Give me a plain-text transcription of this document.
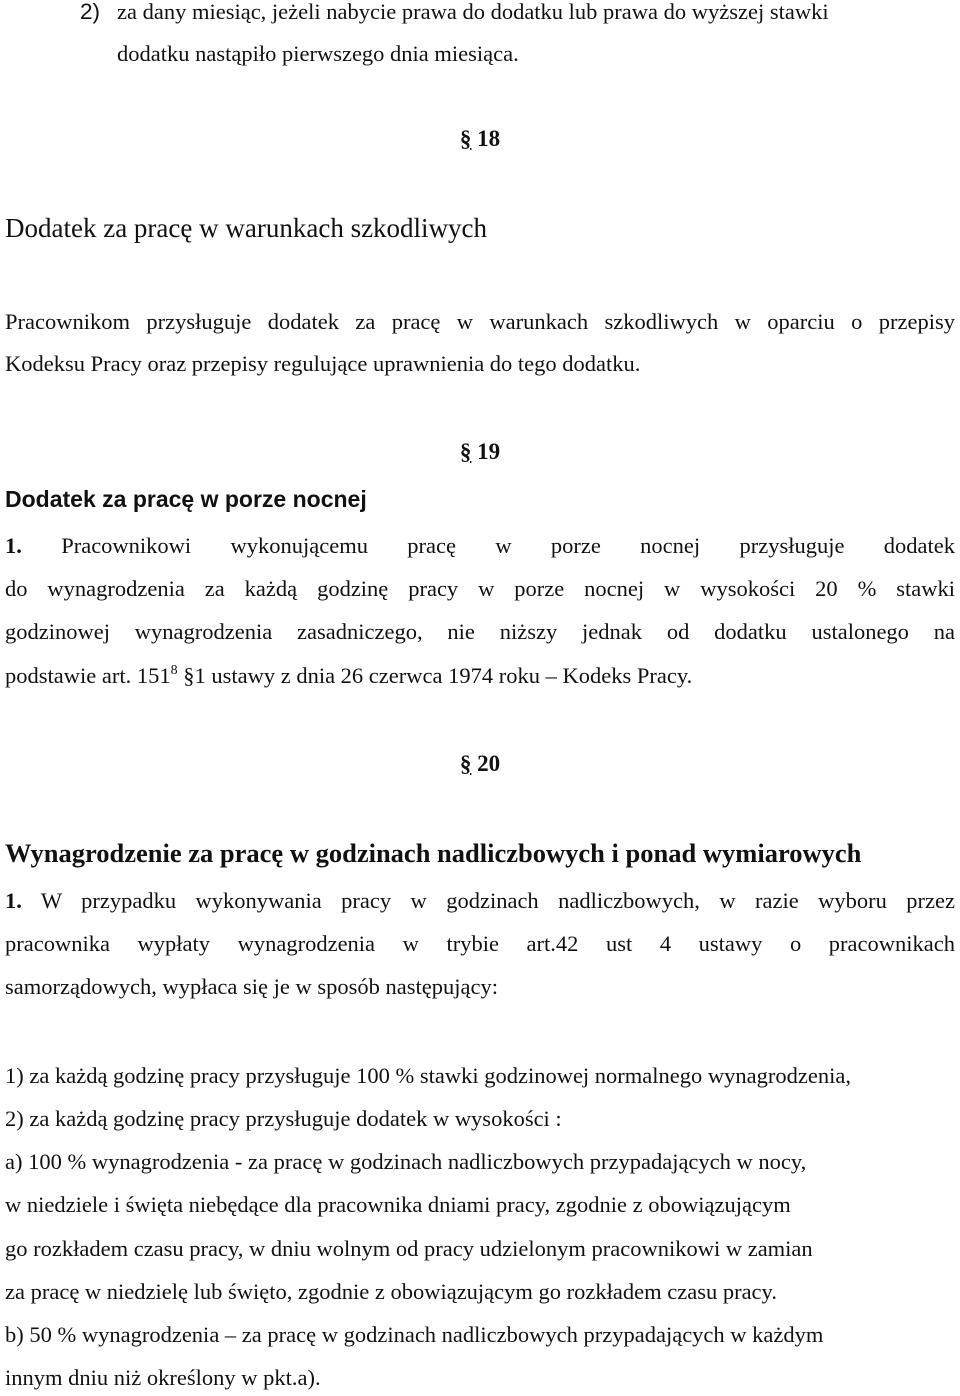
2) za dany miesiąc, jeżeli nabycie prawa do dodatku lub prawa do wyższej stawki
dodatku nastąpiło pierwszego dnia miesiąca.
§ 18
Dodatek za pracę w warunkach szkodliwych
Pracownikom przysługuje dodatek za pracę w warunkach szkodliwych w oparciu o przepisy
Kodeksu Pracy oraz przepisy regulujące uprawnienia do tego dodatku.
§ 19
Dodatek za pracę w porze nocnej
1. Pracownikowi wykonującemu pracę w porze nocnej przysługuje dodatek
do wynagrodzenia za każdą godzinę pracy w porze nocnej w wysokości 20 % stawki
godzinowej wynagrodzenia zasadniczego, nie niższy jednak od dodatku ustalonego na
podstawie art. $151^8$ §1 ustawy z dnia 26 czerwca 1974 roku – Kodeks Pracy.
§ 20
Wynagrodzenie za pracę w godzinach nadliczbowych i ponad wymiarowych
1. W przypadku wykonywania pracy w godzinach nadliczbowych, w razie wyboru przez
pracownika wypłaty wynagrodzenia w trybie art.42 ust 4 ustawy o pracownikach
samorządowych, wypłaca się je w sposób następujący:
1) za każdą godzinę pracy przysługuje 100 % stawki godzinowej normalnego wynagrodzenia,
2) za każdą godzinę pracy przysługuje dodatek w wysokości :
a) 100 % wynagrodzenia - za pracę w godzinach nadliczbowych przypadających w nocy,
w niedziele i święta niebędące dla pracownika dniami pracy, zgodnie z obowiązującym
go rozkładem czasu pracy, w dniu wolnym od pracy udzielonym pracownikowi w zamian
za pracę w niedzielę lub święto, zgodnie z obowiązującym go rozkładem czasu pracy.
b) 50 % wynagrodzenia – za pracę w godzinach nadliczbowych przypadających w każdym
innym dniu niż określony w pkt.a).
